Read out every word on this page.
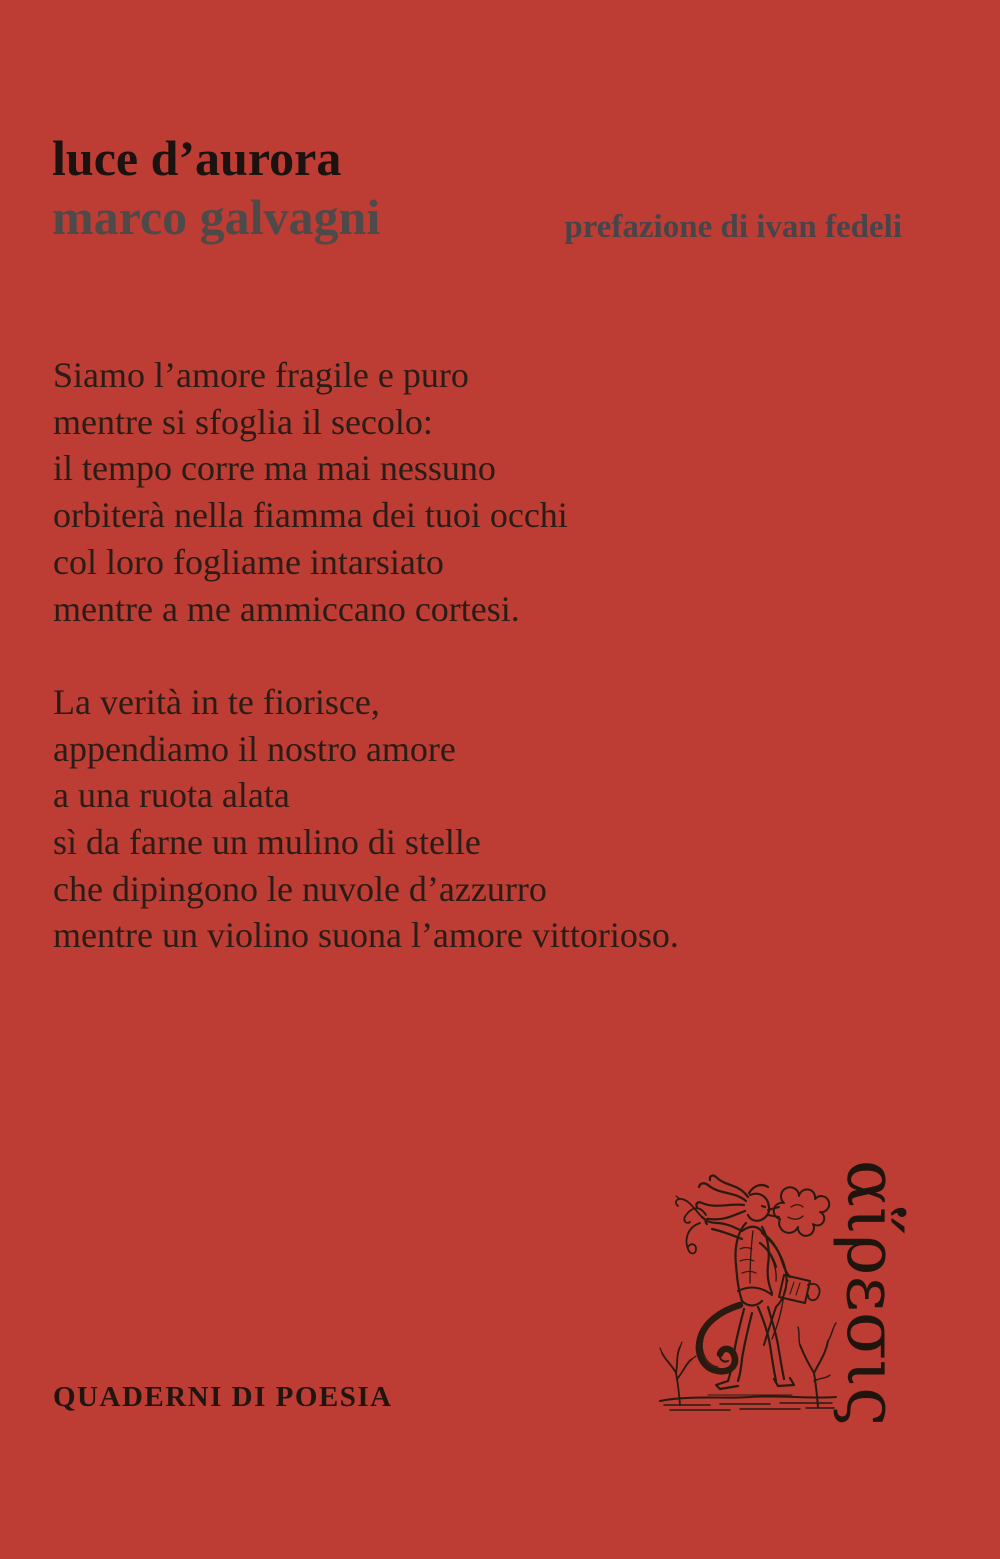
luce d’aurora
marco galvagni	prefazione di ivan fedeli
Siamo l’amore fragile e puro
mentre si sfoglia il secolo:
il tempo corre ma mai nessuno
orbiterà nella fiamma dei tuoi occhi
col loro fogliame intarsiato
mentre a me ammiccano cortesi.
La verità in te fiorisce,
appendiamo il nostro amore
a una ruota alata
sì da farne un mulino di stelle
che dipingono le nuvole d’azzurro
mentre un violino suona l’amore vittorioso.
QUADERNI DI POESIA	αἵρεσις
